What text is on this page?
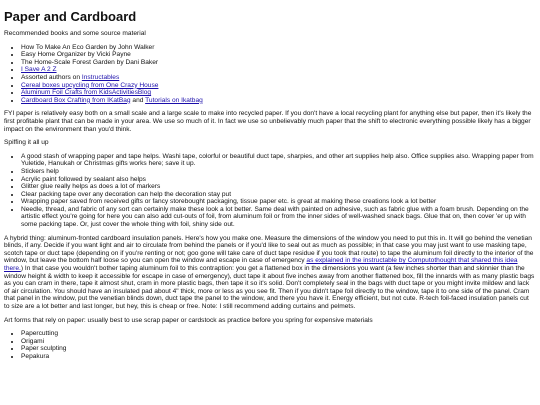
Paper and Cardboard

Recommended books and some source material

• How To Make An Eco Garden by John Walker
• Easy Home Organizer by Vicki Payne
• The Home-Scale Forest Garden by Dani Baker
• I Save A 2 Z
• Assorted authors on Instructables
• Cereal boxes upcycling from One Crazy House
• Aluminum Foil Crafts from KidsActivitiesBlog
• Cardboard Box Crafting from IKatBag and Tutorials on Ikatbag

FYI paper is relatively easy both on a small scale and a large scale to make into recycled paper. If you don't have a local recycling plant for anything else but paper, then it's likely the first profitable plant that can be made in your area. We use so much of it. In fact we use so unbelievably much paper that the shift to electronic everything possible likely has a bigger impact on the environment than you'd think.

Spiffing it all up

• A good stash of wrapping paper and tape helps. Washi tape, colorful or beautiful duct tape, sharpies, and other art supplies help also. Office supplies also. Wrapping paper from Yuletide, Hanukah or Christmas gifts works here; save it up.
• Stickers help
• Acrylic paint followed by sealant also helps
• Glitter glue really helps as does a lot of markers
• Clear packing tape over any decoration can help the decoration stay put
• Wrapping paper saved from received gifts or fancy storebought packaging, tissue paper etc. is great at making these creations look a lot better
• Needle, thread, and fabric of any sort can certainly make these look a lot better. Same deal with painted on adhesive, such as fabric glue with a foam brush. Depending on the artistic effect you're going for here you can also add cut-outs of foil, from aluminum foil or from the inner sides of well-washed snack bags. Glue that on, then cover 'er up with some packing tape. Or, just cover the whole thing with foil, shiny side out.

A hybrid thing: aluminum-fronted cardboard insulation panels. Here's how you make one. Measure the dimensions of the window you need to put this in. It will go behind the venetian blinds, if any. Decide if you want light and air to circulate from behind the panels or if you'd like to seal out as much as possible; in that case you may just want to use masking tape, scotch tape or duct tape (depending on if you're renting or not; goo gone will take care of duct tape residue if you took that route) to tape the aluminum foil directly to the interior of the window, but leave the bottom half loose so you can open the window and escape in case of emergency as explained in the instructable by Computothought that shared this idea there.) In that case you wouldn't bother taping aluminum foil to this contraption: you get a flattened box in the dimensions you want (a few inches shorter than and skinnier than the window height & width to keep it accessible for escape in case of emergency), duct tape it about five inches away from another flattened box, fill the innards with as many plastic bags as you can cram in there, tape it almost shut, cram in more plastic bags, then tape it so it's solid. Don't completely seal in the bags with duct tape or you might invite mildew and lack of air circulation. You should have an insulated pad about 4" thick, more or less as you see fit. Then if you didn't tape foil directly to the window, tape it to one side of the panel. Cram that panel in the window, put the venetian blinds down, duct tape the panel to the window, and there you have it. Energy efficient, but not cute. R-tech foil-faced insulation panels cut to size are a lot better and last longer, but hey, this is cheap or free. Note: I still recommend adding curtains and pelmets.

Art forms that rely on paper: usually best to use scrap paper or cardstock as practice before you spring for expensive materials

• Papercutting
• Origami
• Paper sculpting
• Pepakura
